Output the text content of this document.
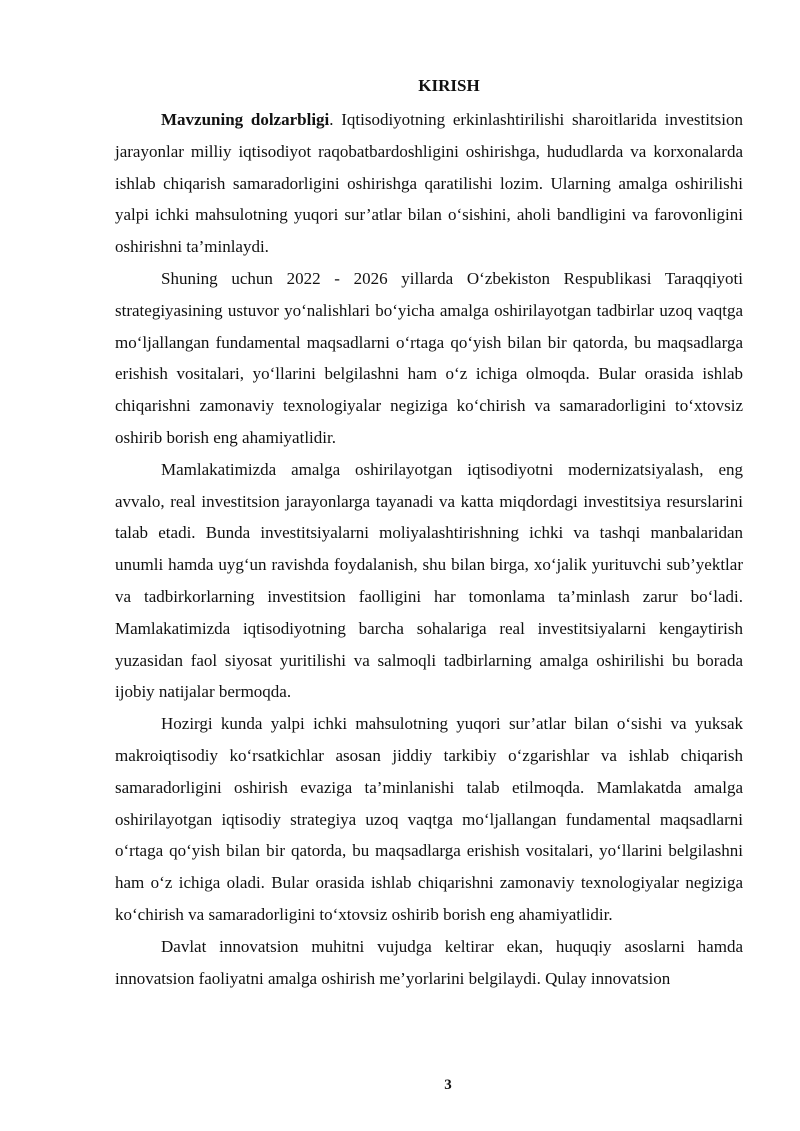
KIRISH

Mavzuning dolzarbligi. Iqtisodiyotning erkinlashtirilishi sharoitlarida investitsion jarayonlar milliy iqtisodiyot raqobatbardoshligini oshirishga, hududlarda va korxonalarda ishlab chiqarish samaradorligini oshirishga qaratilishi lozim. Ularning amalga oshirilishi yalpi ichki mahsulotning yuqori sur’atlar bilan o‘sishini, aholi bandligini va farovonligini oshirishni ta’minlaydi.

Shuning uchun 2022 - 2026 yillarda O‘zbekiston Respublikasi Taraqqiyoti strategiyasining ustuvor yo‘nalishlari bo‘yicha amalga oshirilayotgan tadbirlar uzoq vaqtga mo‘ljallangan fundamental maqsadlarni o‘rtaga qo‘yish bilan bir qatorda, bu maqsadlarga erishish vositalari, yo‘llarini belgilashni ham o‘z ichiga olmoqda. Bular orasida ishlab chiqarishni zamonaviy texnologiyalar negiziga ko‘chirish va samaradorligini to‘xtovsiz oshirib borish eng ahamiyatlidir.

Mamlakatimizda amalga oshirilayotgan iqtisodiyotni modernizatsiyalash, eng avvalo, real investitsion jarayonlarga tayanadi va katta miqdordagi investitsiya resurslarini talab etadi. Bunda investitsiyalarni moliyalashtirishning ichki va tashqi manbalaridan unumli hamda uyg‘un ravishda foydalanish, shu bilan birga, xo‘jalik yurituvchi sub’yektlar va tadbirkorlarning investitsion faolligini har tomonlama ta’minlash zarur bo‘ladi. Mamlakatimizda iqtisodiyotning barcha sohalariga real investitsiyalarni kengaytirish yuzasidan faol siyosat yuritilishi va salmoqli tadbirlarning amalga oshirilishi bu borada ijobiy natijalar bermoqda.

Hozirgi kunda yalpi ichki mahsulotning yuqori sur’atlar bilan o‘sishi va yuksak makroiqtisodiy ko‘rsatkichlar asosan jiddiy tarkibiy o‘zgarishlar va ishlab chiqarish samaradorligini oshirish evaziga ta’minlanishi talab etilmoqda. Mamlakatda amalga oshirilayotgan iqtisodiy strategiya uzoq vaqtga mo‘ljallangan fundamental maqsadlarni o‘rtaga qo‘yish bilan bir qatorda, bu maqsadlarga erishish vositalari, yo‘llarini belgilashni ham o‘z ichiga oladi. Bular orasida ishlab chiqarishni zamonaviy texnologiyalar negiziga ko‘chirish va samaradorligini to‘xtovsiz oshirib borish eng ahamiyatlidir.

Davlat innovatsion muhitni vujudga keltirar ekan, huquqiy asoslarni hamda innovatsion faoliyatni amalga oshirish me’yorlarini belgilaydi. Qulay innovatsion

3
